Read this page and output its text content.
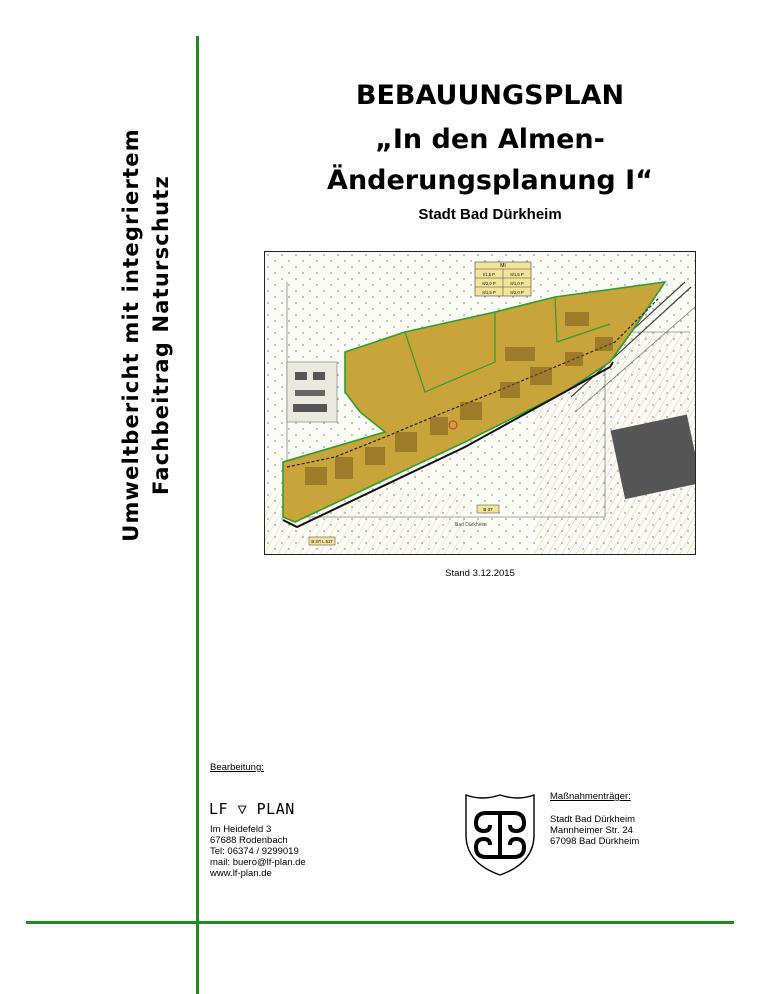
Umweltbericht mit integriertem Fachbeitrag Naturschutz
BEBAUUNGSPLAN
„In den Almen-
Änderungsplanung I“
Stadt Bad Dürkheim
MI
I/1,5 P	II/1,5 P
II/2,0 P	II/1,0 P
II/1,5 P	II/2,0 P
Bad Dürkheim
B 37
B 37/ L 517
Stand 3.12.2015
Bearbeitung:
LF ▽ PLAN
Im Heidefeld 3
67688 Rodenbach
Tel: 06374 / 9299019
mail: buero@lf-plan.de
www.lf-plan.de
Maßnahmenträger:
Stadt Bad Dürkheim
Mannheimer Str. 24
67098 Bad Dürkheim
